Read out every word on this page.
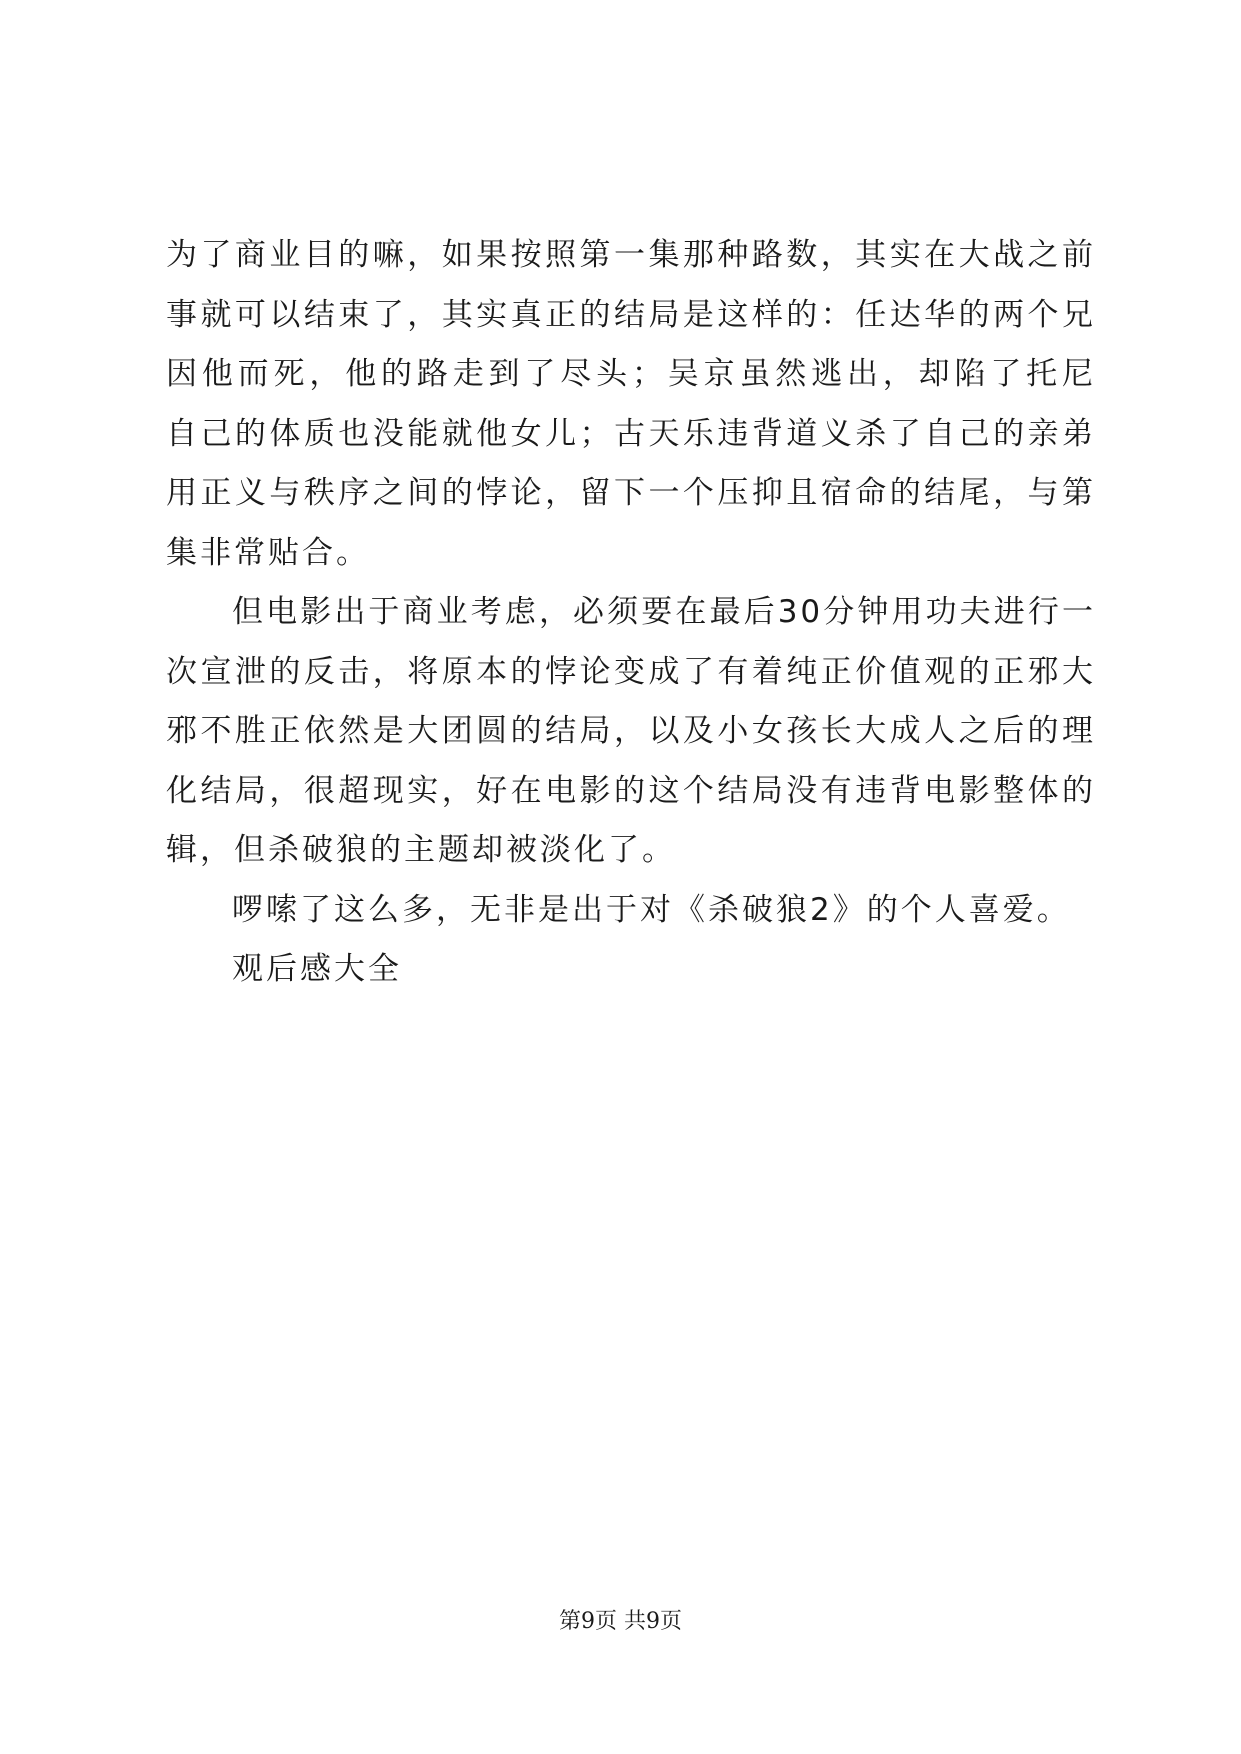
为了商业目的嘛，如果按照第一集那种路数，其实在大战之前
事就可以结束了，其实真正的结局是这样的：任达华的两个兄
因他而死，他的路走到了尽头；吴京虽然逃出，却陷了托尼
自己的体质也没能就他女儿；古天乐违背道义杀了自己的亲弟
用正义与秩序之间的悖论，留下一个压抑且宿命的结尾，与第
集非常贴合。
但电影出于商业考虑，必须要在最后30分钟用功夫进行一
次宣泄的反击，将原本的悖论变成了有着纯正价值观的正邪大
邪不胜正依然是大团圆的结局，以及小女孩长大成人之后的理
化结局，很超现实，好在电影的这个结局没有违背电影整体的
辑，但杀破狼的主题却被淡化了。
啰嗦了这么多，无非是出于对《杀破狼2》的个人喜爱。
观后感大全
第9页 共9页
